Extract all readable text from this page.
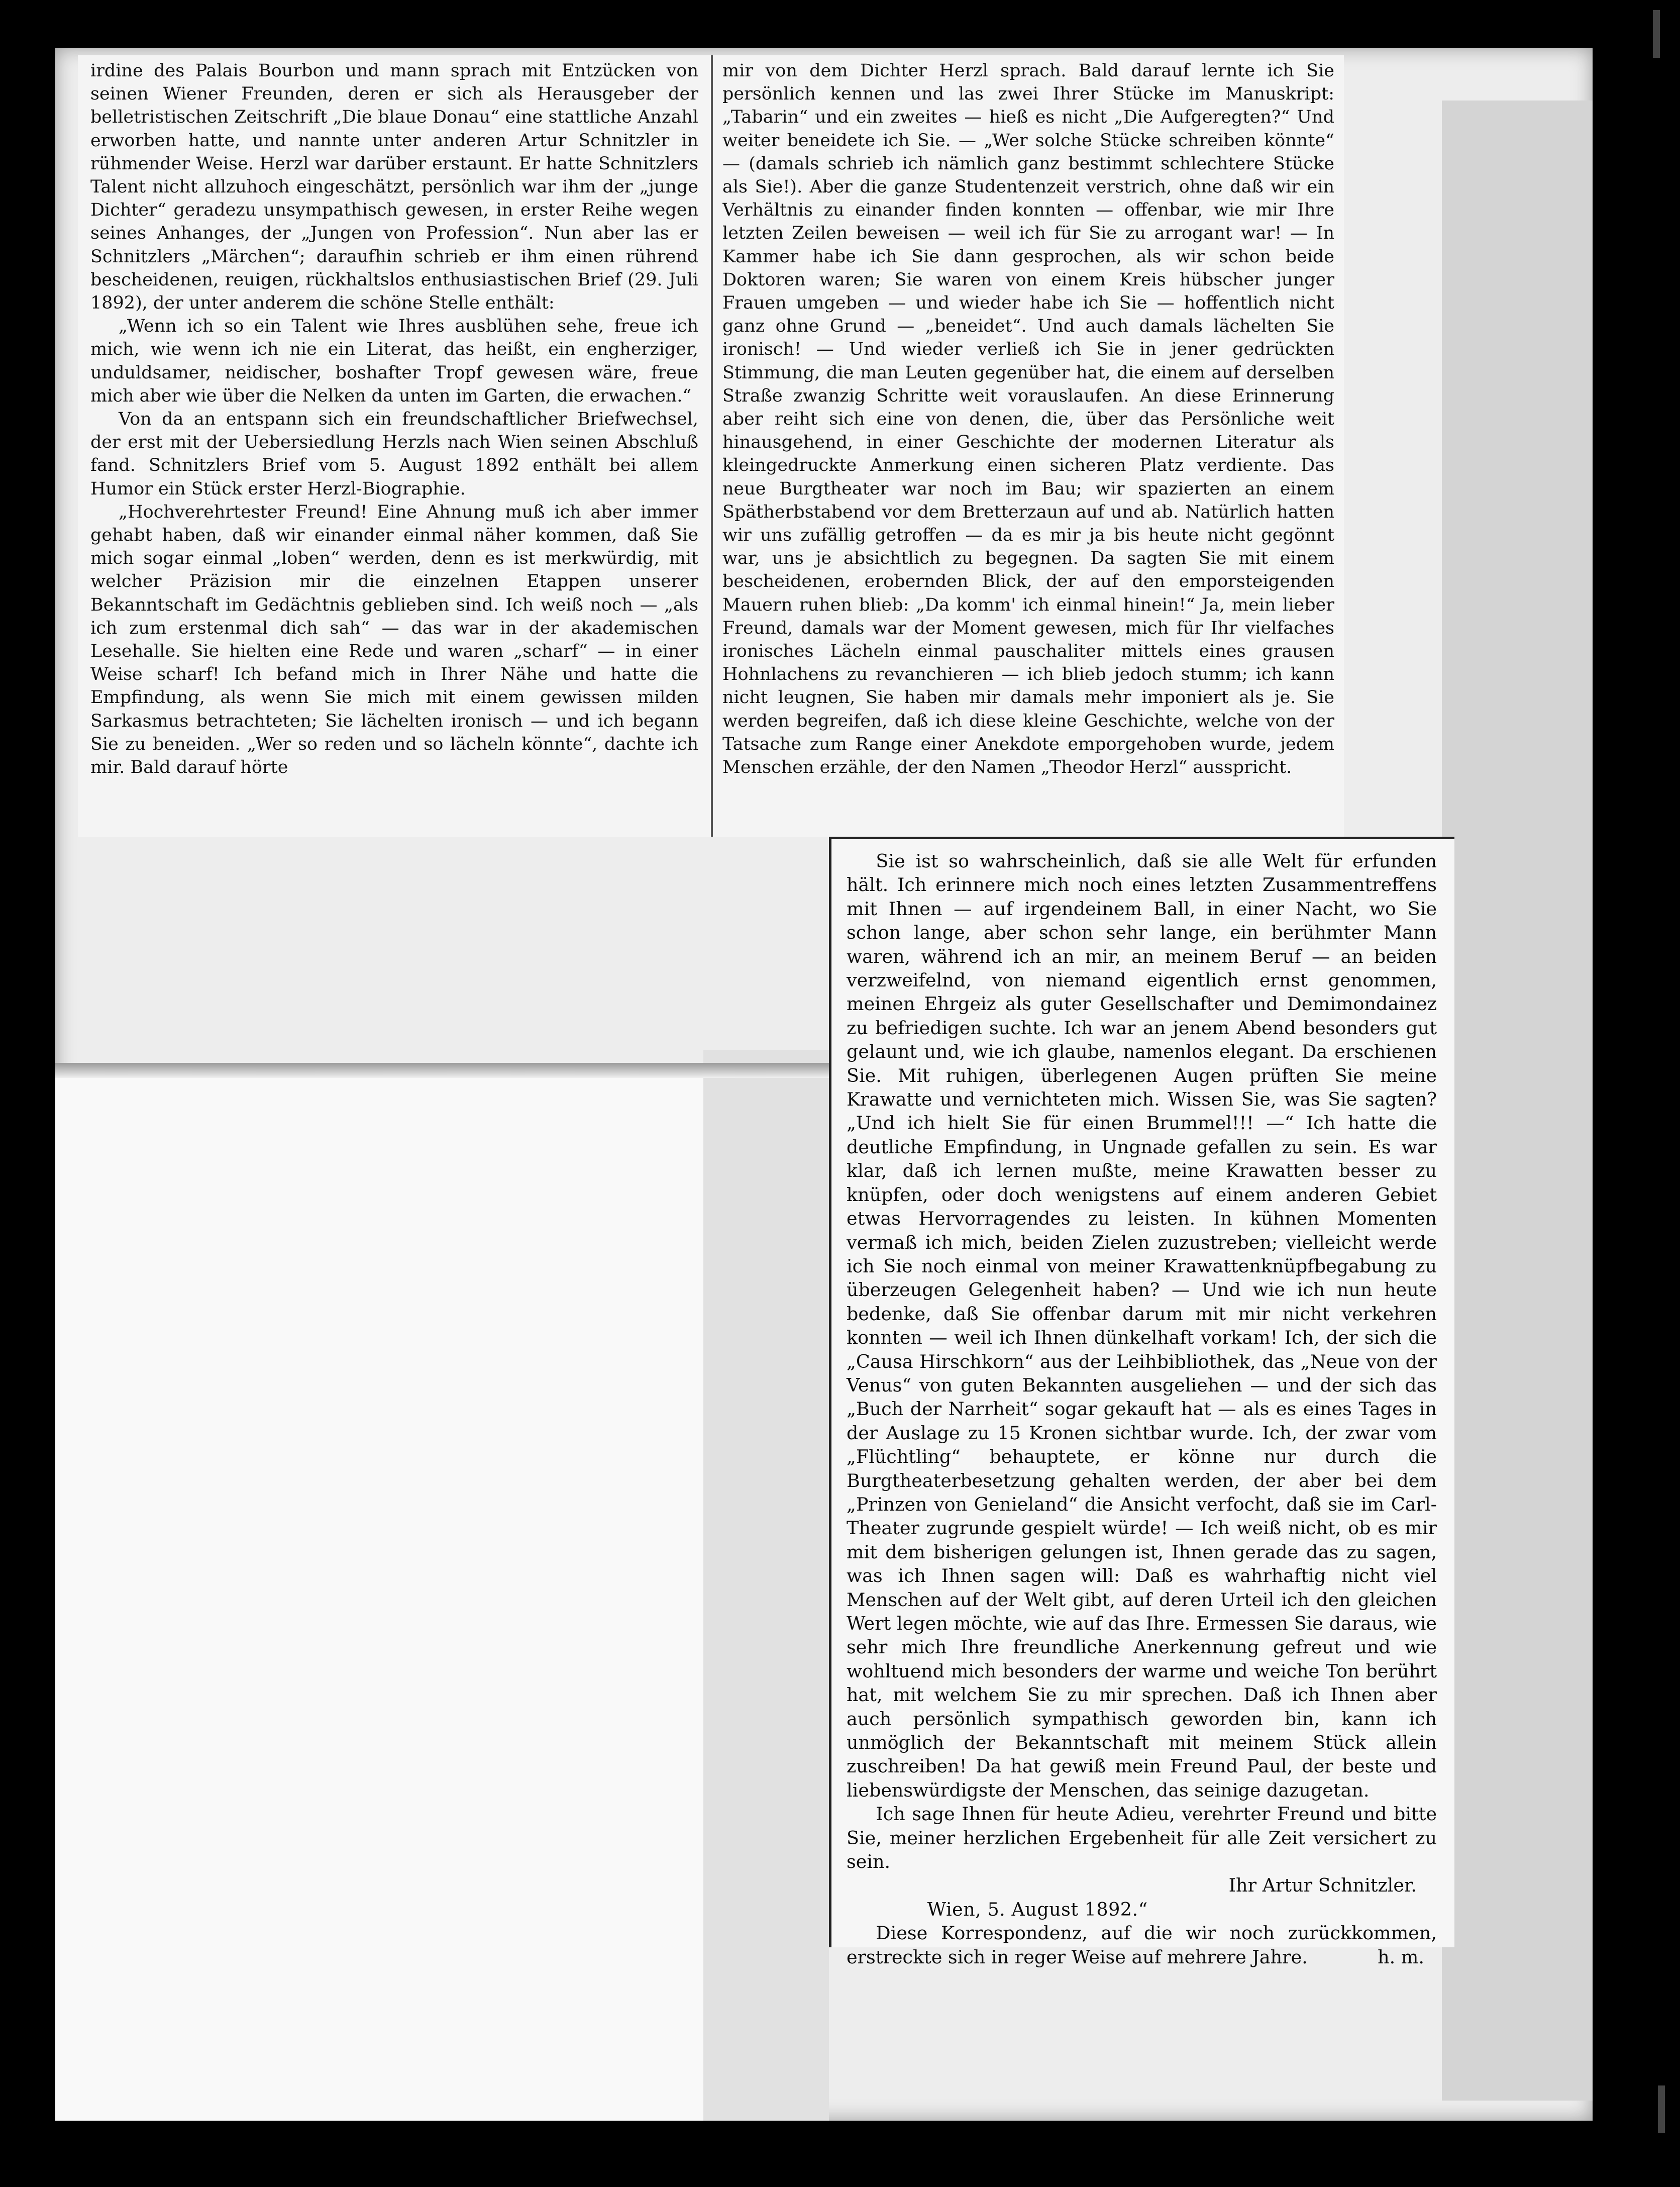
irdine des Palais Bourbon und mann sprach mit Entzücken von seinen Wiener Freunden, deren er sich als Herausgeber der belletristischen Zeitschrift „Die blaue Donau“ eine stattliche Anzahl erworben hatte, und nannte unter anderen Artur Schnitzler in rühmender Weise. Herzl war darüber erstaunt. Er hatte Schnitzlers Talent nicht allzuhoch eingeschätzt, persönlich war ihm der „junge Dichter“ geradezu unsympathisch gewesen, in erster Reihe wegen seines Anhanges, der „Jungen von Profession“. Nun aber las er Schnitzlers „Märchen“; daraufhin schrieb er ihm einen rührend bescheidenen, reuigen, rückhaltslos enthusiastischen Brief (29. Juli 1892), der unter anderem die schöne Stelle enthält:

„Wenn ich so ein Talent wie Ihres ausblühen sehe, freue ich mich, wie wenn ich nie ein Literat, das heißt, ein engherziger, unduldsamer, neidischer, boshafter Tropf gewesen wäre, freue mich aber wie über die Nelken da unten im Garten, die erwachen.“

Von da an entspann sich ein freundschaftlicher Briefwechsel, der erst mit der Uebersiedlung Herzls nach Wien seinen Abschluß fand. Schnitzlers Brief vom 5. August 1892 enthält bei allem Humor ein Stück erster Herzl-Biographie.

„Hochverehrtester Freund! Eine Ahnung muß ich aber immer gehabt haben, daß wir einander einmal näher kommen, daß Sie mich sogar einmal „loben“ werden, denn es ist merkwürdig, mit welcher Präzision mir die einzelnen Etappen unserer Bekanntschaft im Gedächtnis geblieben sind. Ich weiß noch — „als ich zum erstenmal dich sah“ — das war in der akademischen Lesehalle. Sie hielten eine Rede und waren „scharf“ — in einer Weise scharf! Ich befand mich in Ihrer Nähe und hatte die Empfindung, als wenn Sie mich mit einem gewissen milden Sarkasmus betrachteten; Sie lächelten ironisch — und ich begann Sie zu beneiden. „Wer so reden und so lächeln könnte“, dachte ich mir. Bald darauf hörte

mir von dem Dichter Herzl sprach. Bald darauf lernte ich Sie persönlich kennen und las zwei Ihrer Stücke im Manuskript: „Tabarin“ und ein zweites — hieß es nicht „Die Aufgeregten?“ Und weiter beneidete ich Sie. — „Wer solche Stücke schreiben könnte“ — (damals schrieb ich nämlich ganz bestimmt schlechtere Stücke als Sie!). Aber die ganze Studentenzeit verstrich, ohne daß wir ein Verhältnis zu einander finden konnten — offenbar, wie mir Ihre letzten Zeilen beweisen — weil ich für Sie zu arrogant war! — In Kammer habe ich Sie dann gesprochen, als wir schon beide Doktoren waren; Sie waren von einem Kreis hübscher junger Frauen umgeben — und wieder habe ich Sie — hoffentlich nicht ganz ohne Grund — „beneidet“. Und auch damals lächelten Sie ironisch! — Und wieder verließ ich Sie in jener gedrückten Stimmung, die man Leuten gegenüber hat, die einem auf derselben Straße zwanzig Schritte weit vorauslaufen. An diese Erinnerung aber reiht sich eine von denen, die, über das Persönliche weit hinausgehend, in einer Geschichte der modernen Literatur als kleingedruckte Anmerkung einen sicheren Platz verdiente. Das neue Burgtheater war noch im Bau; wir spazierten an einem Spätherbstabend vor dem Bretterzaun auf und ab. Natürlich hatten wir uns zufällig getroffen — da es mir ja bis heute nicht gegönnt war, uns je absichtlich zu begegnen. Da sagten Sie mit einem bescheidenen, erobernden Blick, der auf den emporsteigenden Mauern ruhen blieb: „Da komm' ich einmal hinein!“ Ja, mein lieber Freund, damals war der Moment gewesen, mich für Ihr vielfaches ironisches Lächeln einmal pauschaliter mittels eines grausen Hohnlachens zu revanchieren — ich blieb jedoch stumm; ich kann nicht leugnen, Sie haben mir damals mehr imponiert als je. Sie werden begreifen, daß ich diese kleine Geschichte, welche von der Tatsache zum Range einer Anekdote emporgehoben wurde, jedem Menschen erzähle, der den Namen „Theodor Herzl“ ausspricht.

Sie ist so wahrscheinlich, daß sie alle Welt für erfunden hält. Ich erinnere mich noch eines letzten Zusammentreffens mit Ihnen — auf irgendeinem Ball, in einer Nacht, wo Sie schon lange, aber schon sehr lange, ein berühmter Mann waren, während ich an mir, an meinem Beruf — an beiden verzweifelnd, von niemand eigentlich ernst genommen, meinen Ehrgeiz als guter Gesellschafter und Demimondainez zu befriedigen suchte. Ich war an jenem Abend besonders gut gelaunt und, wie ich glaube, namenlos elegant. Da erschienen Sie. Mit ruhigen, überlegenen Augen prüften Sie meine Krawatte und vernichteten mich. Wissen Sie, was Sie sagten? „Und ich hielt Sie für einen Brummel!!! —“ Ich hatte die deutliche Empfindung, in Ungnade gefallen zu sein. Es war klar, daß ich lernen mußte, meine Krawatten besser zu knüpfen, oder doch wenigstens auf einem anderen Gebiet etwas Hervorragendes zu leisten. In kühnen Momenten vermaß ich mich, beiden Zielen zuzustreben; vielleicht werde ich Sie noch einmal von meiner Krawattenknüpfbegabung zu überzeugen Gelegenheit haben? — Und wie ich nun heute bedenke, daß Sie offenbar darum mit mir nicht verkehren konnten — weil ich Ihnen dünkelhaft vorkam! Ich, der sich die „Causa Hirschkorn“ aus der Leihbibliothek, das „Neue von der Venus“ von guten Bekannten ausgeliehen — und der sich das „Buch der Narrheit“ sogar gekauft hat — als es eines Tages in der Auslage zu 15 Kronen sichtbar wurde. Ich, der zwar vom „Flüchtling“ behauptete, er könne nur durch die Burgtheaterbesetzung gehalten werden, der aber bei dem „Prinzen von Genieland“ die Ansicht verfocht, daß sie im Carl-Theater zugrunde gespielt würde! — Ich weiß nicht, ob es mir mit dem bisherigen gelungen ist, Ihnen gerade das zu sagen, was ich Ihnen sagen will: Daß es wahrhaftig nicht viel Menschen auf der Welt gibt, auf deren Urteil ich den gleichen Wert legen möchte, wie auf das Ihre. Ermessen Sie daraus, wie sehr mich Ihre freundliche Anerkennung gefreut und wie wohltuend mich besonders der warme und weiche Ton berührt hat, mit welchem Sie zu mir sprechen. Daß ich Ihnen aber auch persönlich sympathisch geworden bin, kann ich unmöglich der Bekanntschaft mit meinem Stück allein zuschreiben! Da hat gewiß mein Freund Paul, der beste und liebenswürdigste der Menschen, das seinige dazugetan.

Ich sage Ihnen für heute Adieu, verehrter Freund und bitte Sie, meiner herzlichen Ergebenheit für alle Zeit versichert zu sein.

Ihr Artur Schnitzler.

Wien, 5. August 1892.“

Diese Korrespondenz, auf die wir noch zurückkommen, erstreckte sich in reger Weise auf mehrere Jahre.	h. m.
